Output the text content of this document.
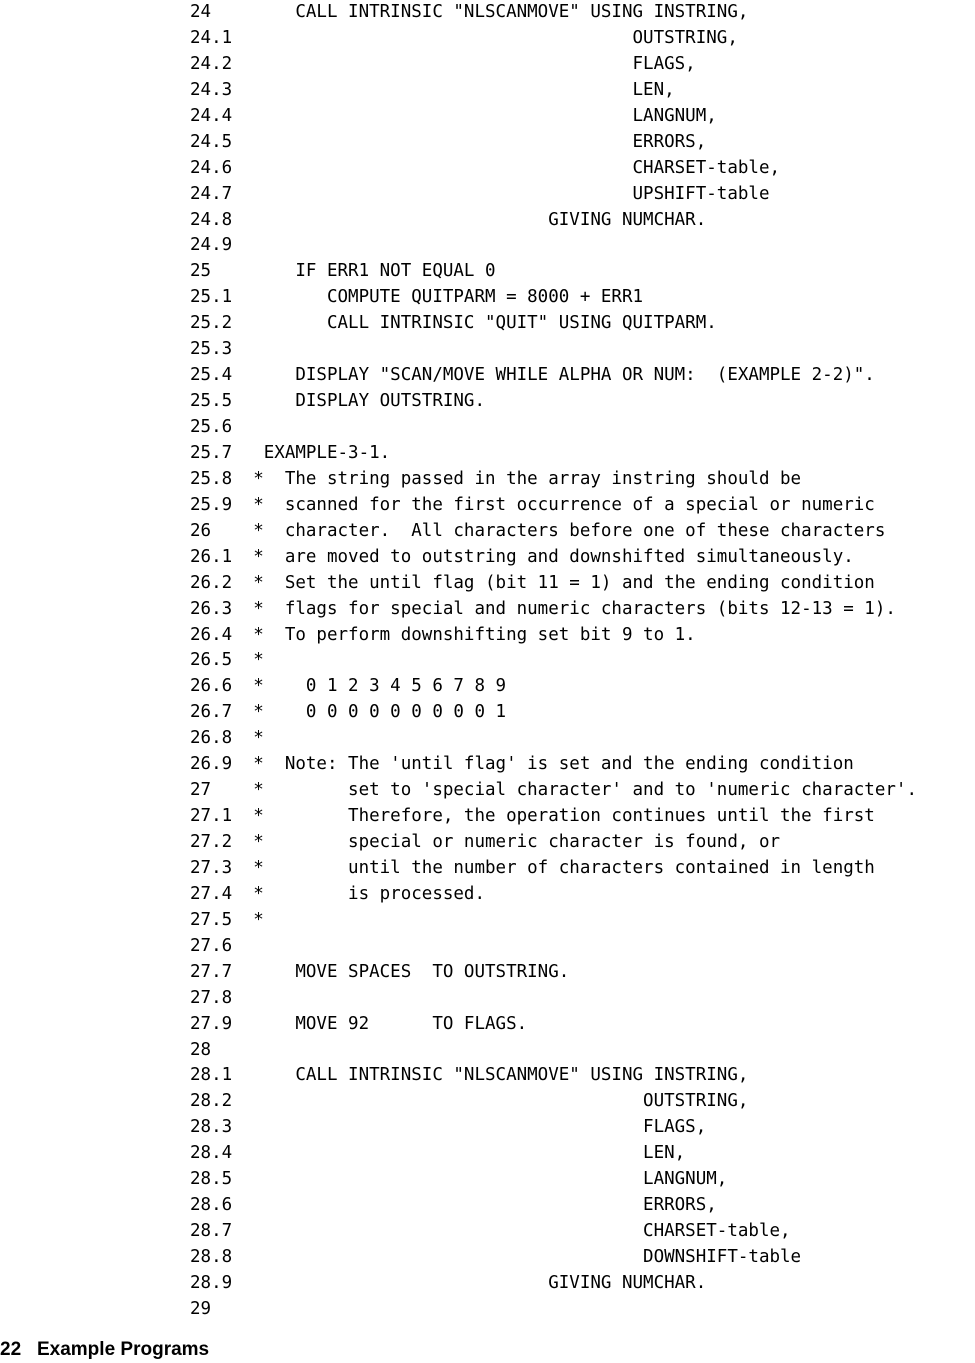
24        CALL INTRINSIC "NLSCANMOVE" USING INSTRING,
24.1                                      OUTSTRING,
24.2                                      FLAGS,
24.3                                      LEN,
24.4                                      LANGNUM,
24.5                                      ERRORS,
24.6                                      CHARSET-table,
24.7                                      UPSHIFT-table
24.8                              GIVING NUMCHAR.
24.9
25        IF ERR1 NOT EQUAL 0
25.1         COMPUTE QUITPARM = 8000 + ERR1
25.2         CALL INTRINSIC "QUIT" USING QUITPARM.
25.3
25.4      DISPLAY "SCAN/MOVE WHILE ALPHA OR NUM:  (EXAMPLE 2-2)".
25.5      DISPLAY OUTSTRING.
25.6
25.7   EXAMPLE-3-1.
25.8  *  The string passed in the array instring should be
25.9  *  scanned for the first occurrence of a special or numeric
26    *  character.  All characters before one of these characters
26.1  *  are moved to outstring and downshifted simultaneously.
26.2  *  Set the until flag (bit 11 = 1) and the ending condition
26.3  *  flags for special and numeric characters (bits 12-13 = 1).
26.4  *  To perform downshifting set bit 9 to 1.
26.5  *
26.6  *    0 1 2 3 4 5 6 7 8 9
26.7  *    0 0 0 0 0 0 0 0 0 1
26.8  *
26.9  *  Note: The 'until flag' is set and the ending condition
27    *        set to 'special character' and to 'numeric character'.
27.1  *        Therefore, the operation continues until the first
27.2  *        special or numeric character is found, or
27.3  *        until the number of characters contained in length
27.4  *        is processed.
27.5  *
27.6
27.7      MOVE SPACES  TO OUTSTRING.
27.8
27.9      MOVE 92      TO FLAGS.
28
28.1      CALL INTRINSIC "NLSCANMOVE" USING INSTRING,
28.2                                       OUTSTRING,
28.3                                       FLAGS,
28.4                                       LEN,
28.5                                       LANGNUM,
28.6                                       ERRORS,
28.7                                       CHARSET-table,
28.8                                       DOWNSHIFT-table
28.9                              GIVING NUMCHAR.
29
22 Example Programs
